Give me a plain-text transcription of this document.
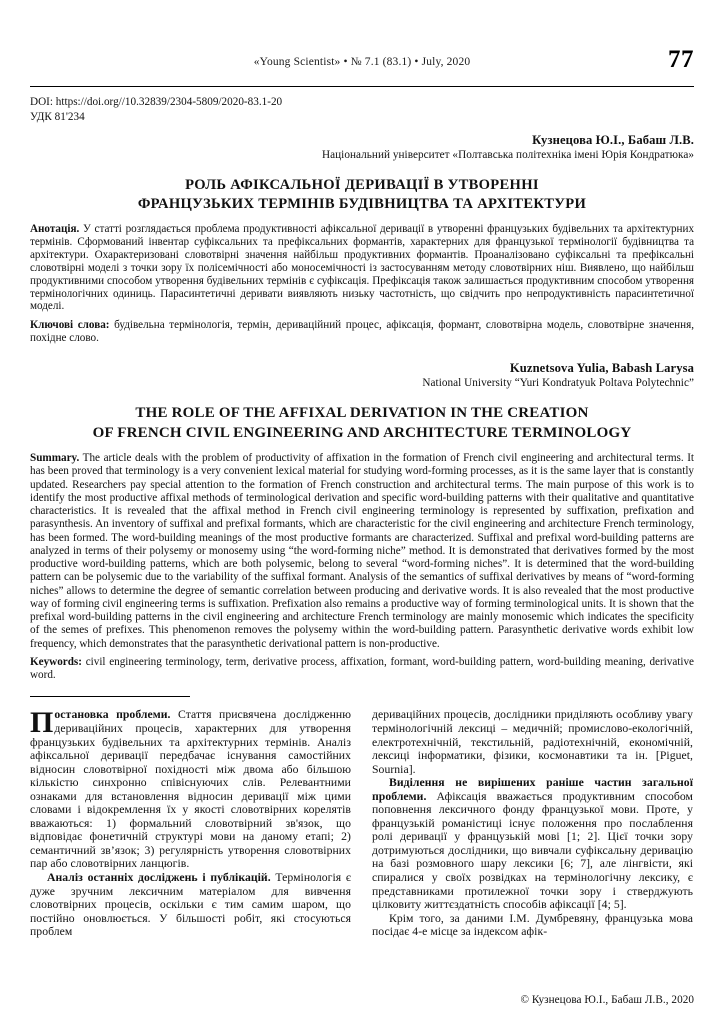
«Young Scientist» • № 7.1 (83.1) • July, 2020	77
DOI: https://doi.org//10.32839/2304-5809/2020-83.1-20
УДК 81'234
Кузнецова Ю.І., Бабаш Л.В.
Національний університет «Полтавська політехніка імені Юрія Кондратюка»
РОЛЬ АФІКСАЛЬНОЇ ДЕРИВАЦІЇ В УТВОРЕННІ
ФРАНЦУЗЬКИХ ТЕРМІНІВ БУДІВНИЦТВА ТА АРХІТЕКТУРИ
Анотація. У статті розглядається проблема продуктивності афіксальної деривації в утворенні французьких будівельних та архітектурних термінів. Сформований інвентар суфіксальних та префіксальних формантів, характерних для французької термінології будівництва та архітектури. Охарактеризовані словотвірні значення найбільш продуктивних формантів. Проаналізовано суфіксальні та префіксальні словотвірні моделі з точки зору їх полісемічності або моносемічності із застосуванням методу словотвірних ніш. Виявлено, що найбільш продуктивними способом утворення будівельних термінів є суфіксація. Префіксація також залишається продуктивним способом утворення термінологічних одиниць. Парасинтетичні деривати виявляють низьку частотність, що свідчить про непродуктивність парасинтетичної моделі.
Ключові слова: будівельна термінологія, термін, дериваційний процес, афіксація, формант, словотвірна модель, словотвірне значення, похідне слово.
Kuznetsova Yulia, Babash Larysa
National University “Yuri Kondratyuk Poltava Polytechnic”
THE ROLE OF THE AFFIXAL DERIVATION IN THE CREATION
OF FRENCH CIVIL ENGINEERING AND ARCHITECTURE TERMINOLOGY
Summary. The article deals with the problem of productivity of affixation in the formation of French civil engineering and architectural terms. It has been proved that terminology is a very convenient lexical material for studying word-forming processes, as it is the same layer that is constantly updated. Researchers pay special attention to the formation of French construction and architectural terms. The main purpose of this work is to identify the most productive affixal methods of terminological derivation and specific word-building patterns with their qualitative and quantitative characteristics. It is revealed that the affixal method in French civil engineering terminology is represented by suffixation, prefixation and parasynthesis. An inventory of suffixal and prefixal formants, which are characteristic for the civil engineering and architecture French terminology, has been formed. The word-building meanings of the most productive formants are characterized. Suffixal and prefixal word-building patterns are analyzed in terms of their polysemy or monosemy using “the word-forming niche” method. It is demonstrated that derivatives formed by the most productive word-building patterns, which are both polysemic, belong to several “word-forming niches”. It is determined that the word-building pattern can be polysemic due to the variability of the suffixal formant. Analysis of the semantics of suffixal derivatives by means of “word-forming niches” allows to determine the degree of semantic correlation between producing and derivative words. It is also revealed that the most productive way of forming civil engineering terms is suffixation. Prefixation also remains a productive way of forming terminological units. It is shown that the prefixal word-building patterns in the civil engineering and architecture French terminology are mainly monosemic which indicates the specificity of the semes of prefixes. This phenomenon removes the polysemy within the word-building pattern. Parasynthetic derivative words exhibit low frequency, which demonstrates that the parasynthetic derivational pattern is non-productive.
Keywords: civil engineering terminology, term, derivative process, affixation, formant, word-building pattern, word-building meaning, derivative word.

Постановка проблеми. Стаття присвячена дослідженню дериваційних процесів, характерних для утворення французьких будівельних та архітектурних термінів. Аналіз афіксальної деривації передбачає існування самостійних відносин словотвірної похідності між двома або більшою кількістю синхронно співіснуючих слів. Релевантними ознаками для встановлення відносин деривації між цими словами і відокремлення їх у якості словотвірних корелятів вважаються: 1) формальний словотвірний зв'язок, що відповідає фонетичній структурі мови на даному етапі; 2) семантичний зв’язок; 3) регулярність утворення словотвірних пар або словотвірних ланцюгів.

Аналіз останніх досліджень і публікацій. Термінологія є дуже зручним лексичним матеріалом для вивчення словотвірних процесів, оскільки є тим самим шаром, що постійно оновлюється. У більшості робіт, які стосуються проблем

дериваційних процесів, дослідники приділяють особливу увагу термінологічній лексиці – медичній; промислово-екологічній, електротехнічній, текстильній, радіотехнічній, економічній, лексиці інформатики, фізики, космонавтики та ін. [Piguet, Sournia].

Виділення не вирішених раніше частин загальної проблеми. Афіксація вважається продуктивним способом поповнення лексичного фонду французької мови. Проте, у французькій романістиці існує положення про послаблення ролі деривації у французькій мові [1; 2]. Цієї точки зору дотримуються дослідники, що вивчали суфіксальну деривацію на базі розмовного шару лексики [6; 7], але лінгвісти, які спиралися у своїх розвідках на термінологічну лексику, є представниками протилежної точки зору і стверджують цілковиту життєздатність способів афіксації [4; 5].

Крім того, за даними І.М. Думбревяну, французька мова посідає 4-е місце за індексом афік-

© Кузнецова Ю.І., Бабаш Л.В., 2020
